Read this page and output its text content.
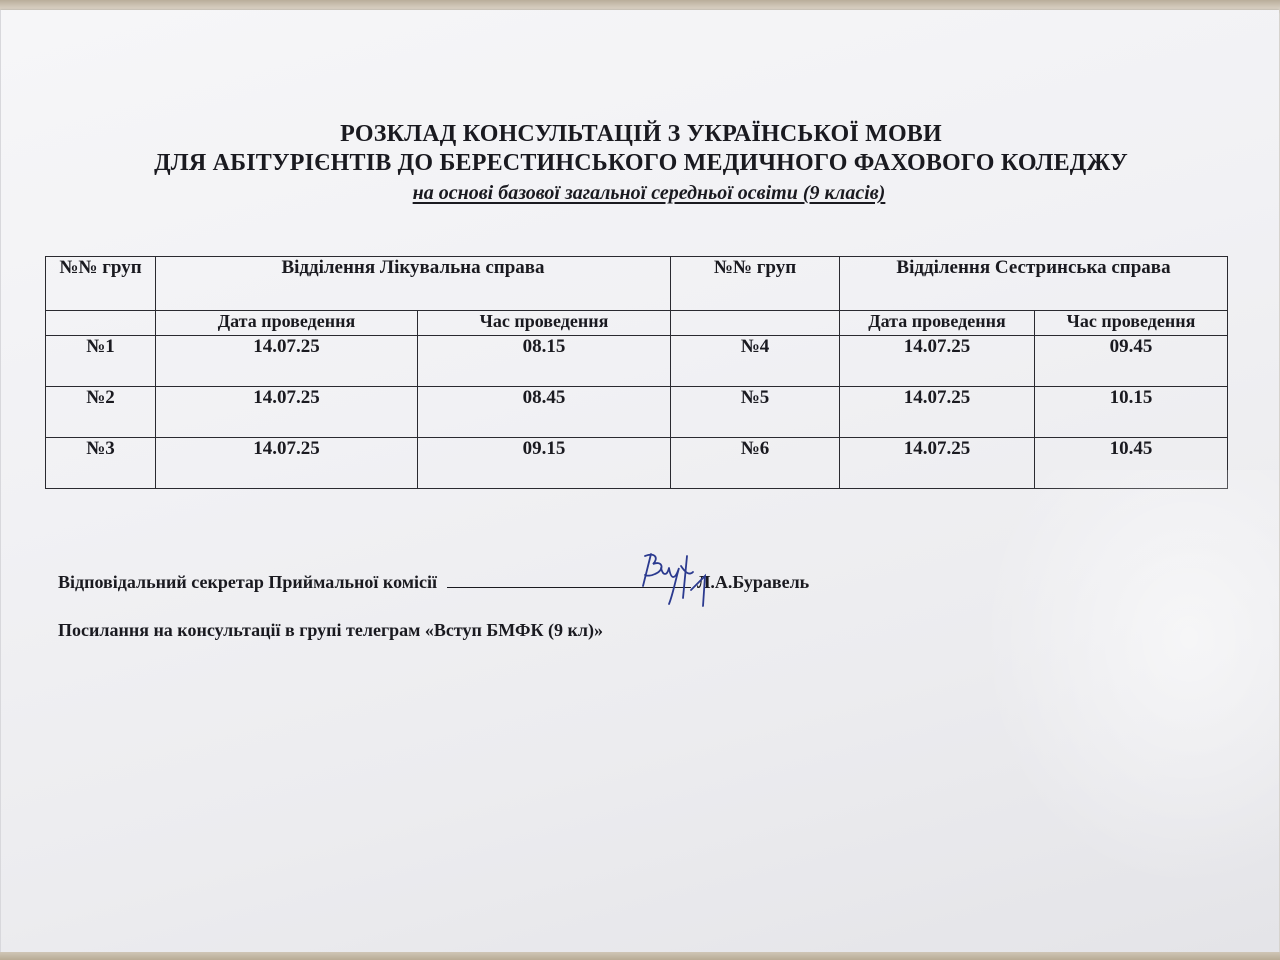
РОЗКЛАД КОНСУЛЬТАЦІЙ З УКРАЇНСЬКОЇ МОВИ
ДЛЯ АБІТУРІЄНТІВ ДО БЕРЕСТИНСЬКОГО МЕДИЧНОГО ФАХОВОГО КОЛЕДЖУ
на основі базової загальної середньої освіти (9 класів)
№№ груп	Відділення Лікувальна справа		№№ груп	Відділення Сестринська справа	
	Дата проведення	Час проведення		Дата проведення	Час проведення
№1	14.07.25	08.15	№4	14.07.25	09.45
№2	14.07.25	08.45	№5	14.07.25	10.15
№3	14.07.25	09.15	№6	14.07.25	10.45
Відповідальний секретар Приймальної комісії	Л.А.Буравель
Посилання на консультації в групі телеграм «Вступ БМФК (9 кл)»
